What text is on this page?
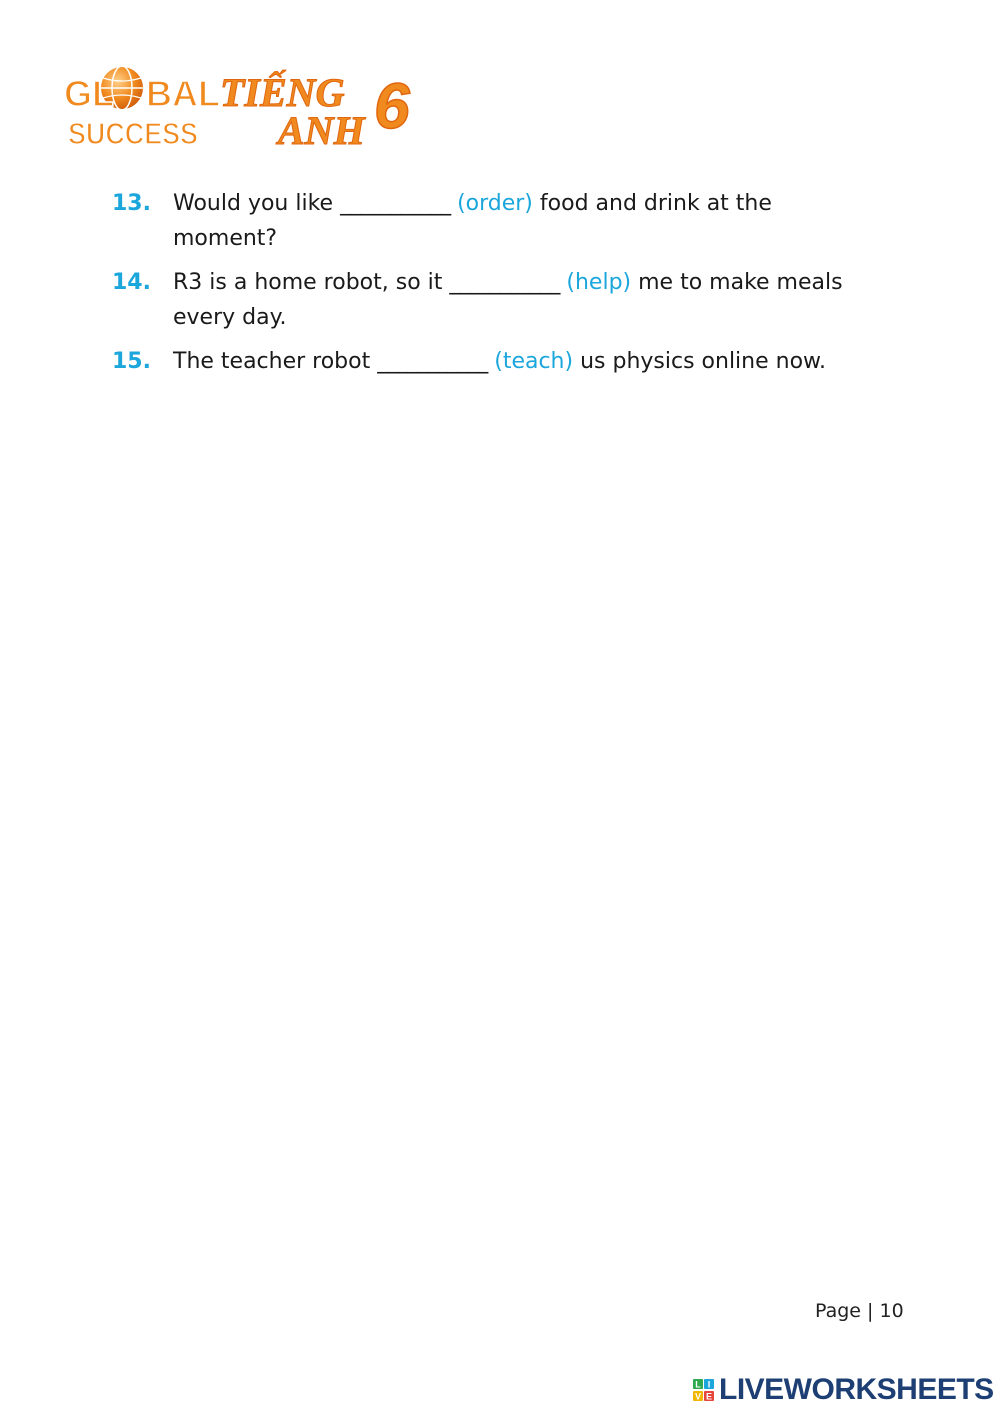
GL BAL
SUCCESS
TIẾNG
ANH 6
13.	Would you like ___________ (order) food and drink at the moment?
14.	R3 is a home robot, so it ___________ (help) me to make meals every day.
15.	The teacher robot ___________ (teach) us physics online now.
Page | 10
L I
V E LIVEWORKSHEETS
